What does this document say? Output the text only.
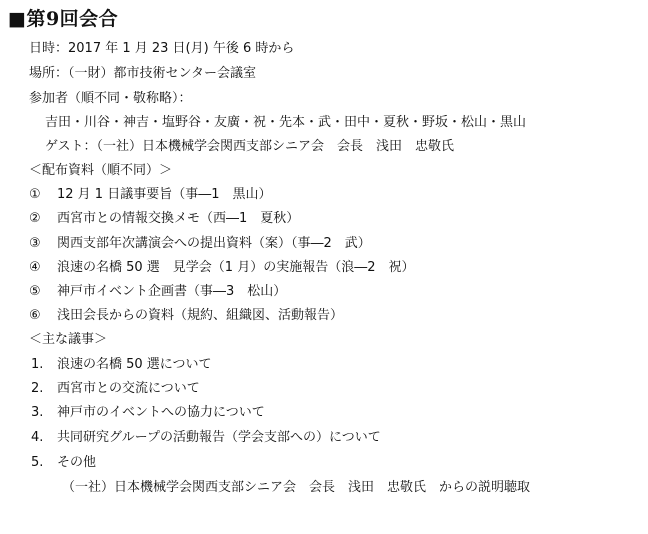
■第9回会合
日時：2017 年 1 月 23 日(月) 午後 6 時から
場所：（一財）都市技術センター会議室
参加者（順不同・敬称略）：
吉田・川谷・神吉・塩野谷・友廣・祝・先本・武・田中・夏秋・野坂・松山・黒山
ゲスト：（一社）日本機械学会関西支部シニア会　会長　浅田　忠敬氏
＜配布資料（順不同）＞
① 12 月 1 日議事要旨（事―1　黒山）
② 西宮市との情報交換メモ（西―1　夏秋）
③ 関西支部年次講演会への提出資料（案）（事―2　武）
④ 浪速の名橋 50 選　見学会（1 月）の実施報告（浪―2　祝）
⑤ 神戸市イベント企画書（事―3　松山）
⑥ 浅田会長からの資料（規約、組織図、活動報告）
＜主な議事＞
1. 浪速の名橋 50 選について
2. 西宮市との交流について
3. 神戸市のイベントへの協力について
4. 共同研究グループの活動報告（学会支部への）について
5. その他
（一社）日本機械学会関西支部シニア会　会長　浅田　忠敬氏　からの説明聴取
